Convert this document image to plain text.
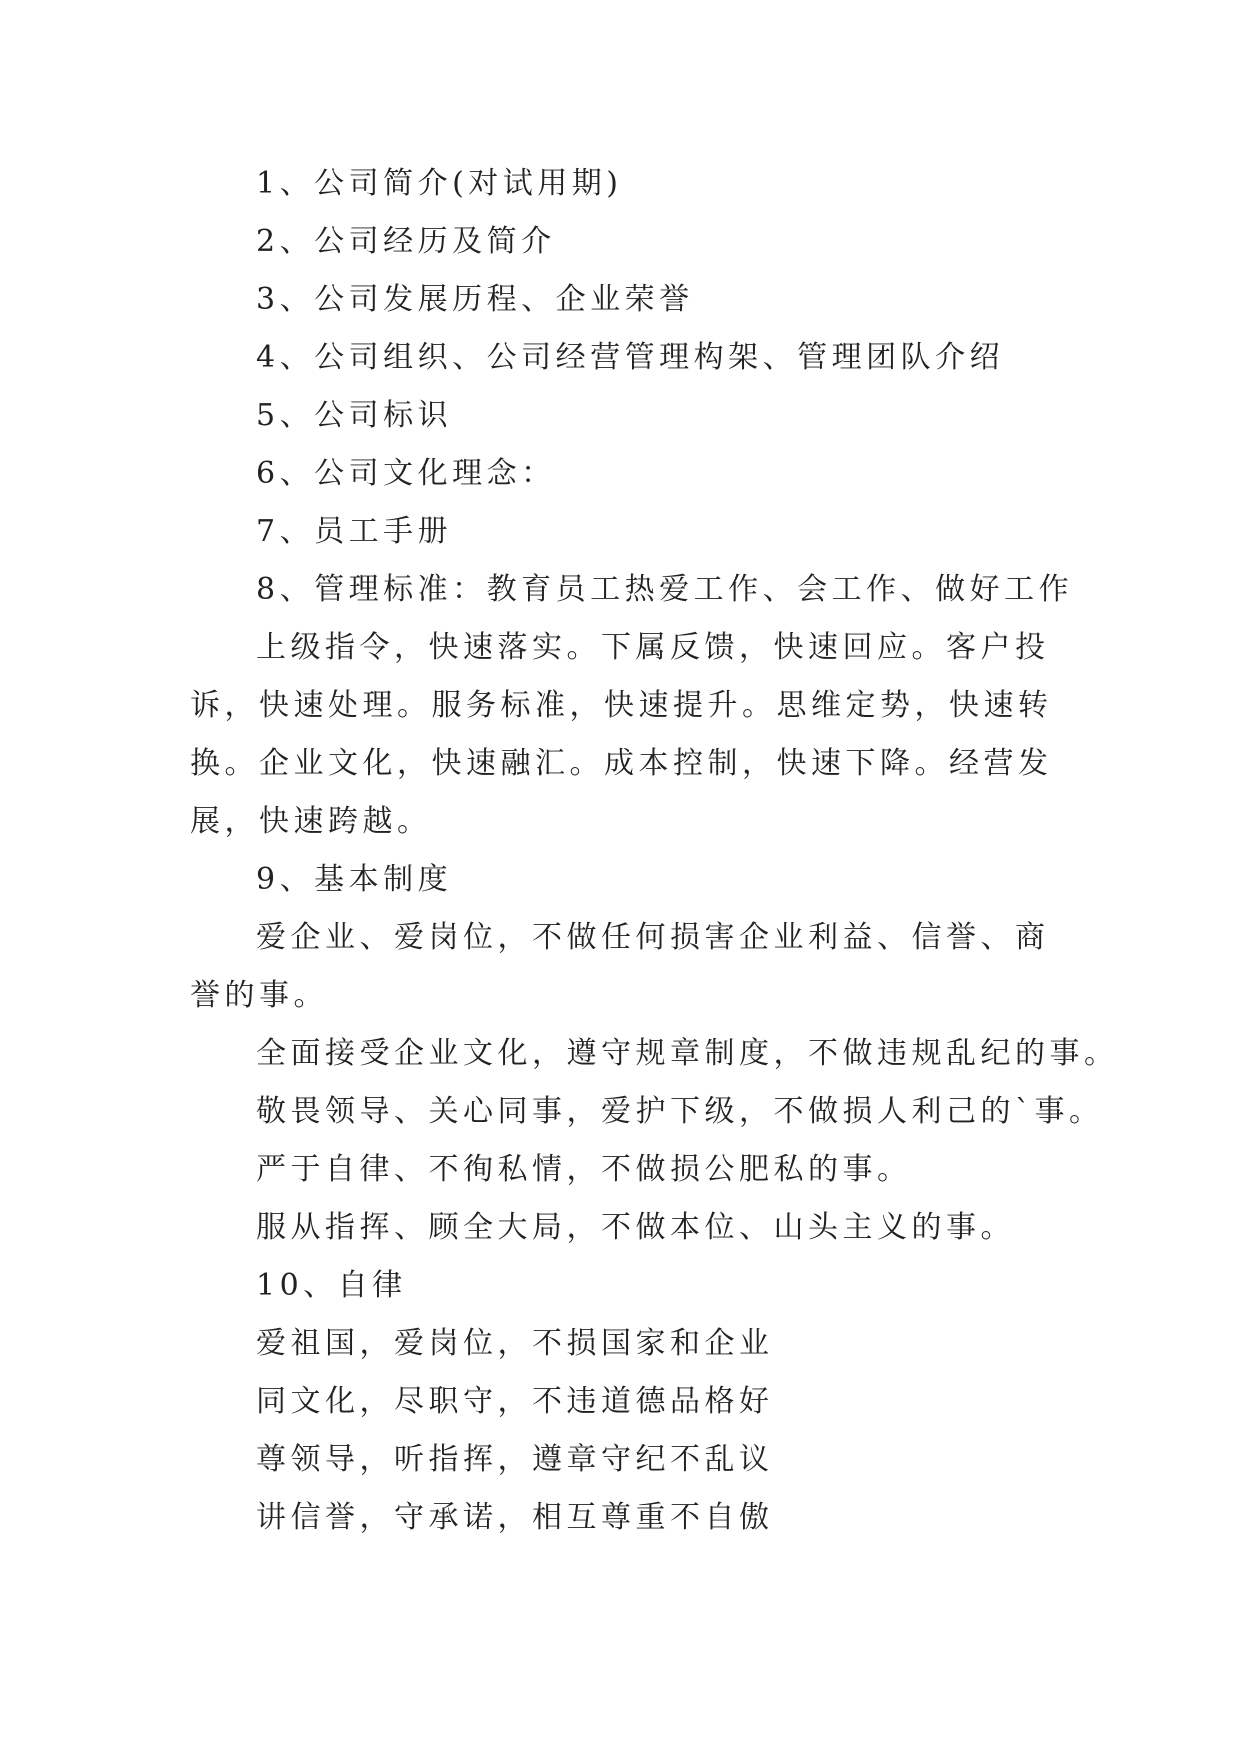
1、公司简介(对试用期)

2、公司经历及简介

3、公司发展历程、企业荣誉

4、公司组织、公司经营管理构架、管理团队介绍

5、公司标识

6、公司文化理念：

7、员工手册

8、管理标准：教育员工热爱工作、会工作、做好工作

上级指令，快速落实。下属反馈，快速回应。客户投诉，快速处理。服务标准，快速提升。思维定势，快速转换。企业文化，快速融汇。成本控制，快速下降。经营发展，快速跨越。

9、基本制度

爱企业、爱岗位，不做任何损害企业利益、信誉、商誉的事。

全面接受企业文化，遵守规章制度，不做违规乱纪的事。

敬畏领导、关心同事，爱护下级，不做损人利己的`事。

严于自律、不徇私情，不做损公肥私的事。

服从指挥、顾全大局，不做本位、山头主义的事。

10、自律

爱祖国，爱岗位，不损国家和企业

同文化，尽职守，不违道德品格好

尊领导，听指挥，遵章守纪不乱议

讲信誉，守承诺，相互尊重不自傲
